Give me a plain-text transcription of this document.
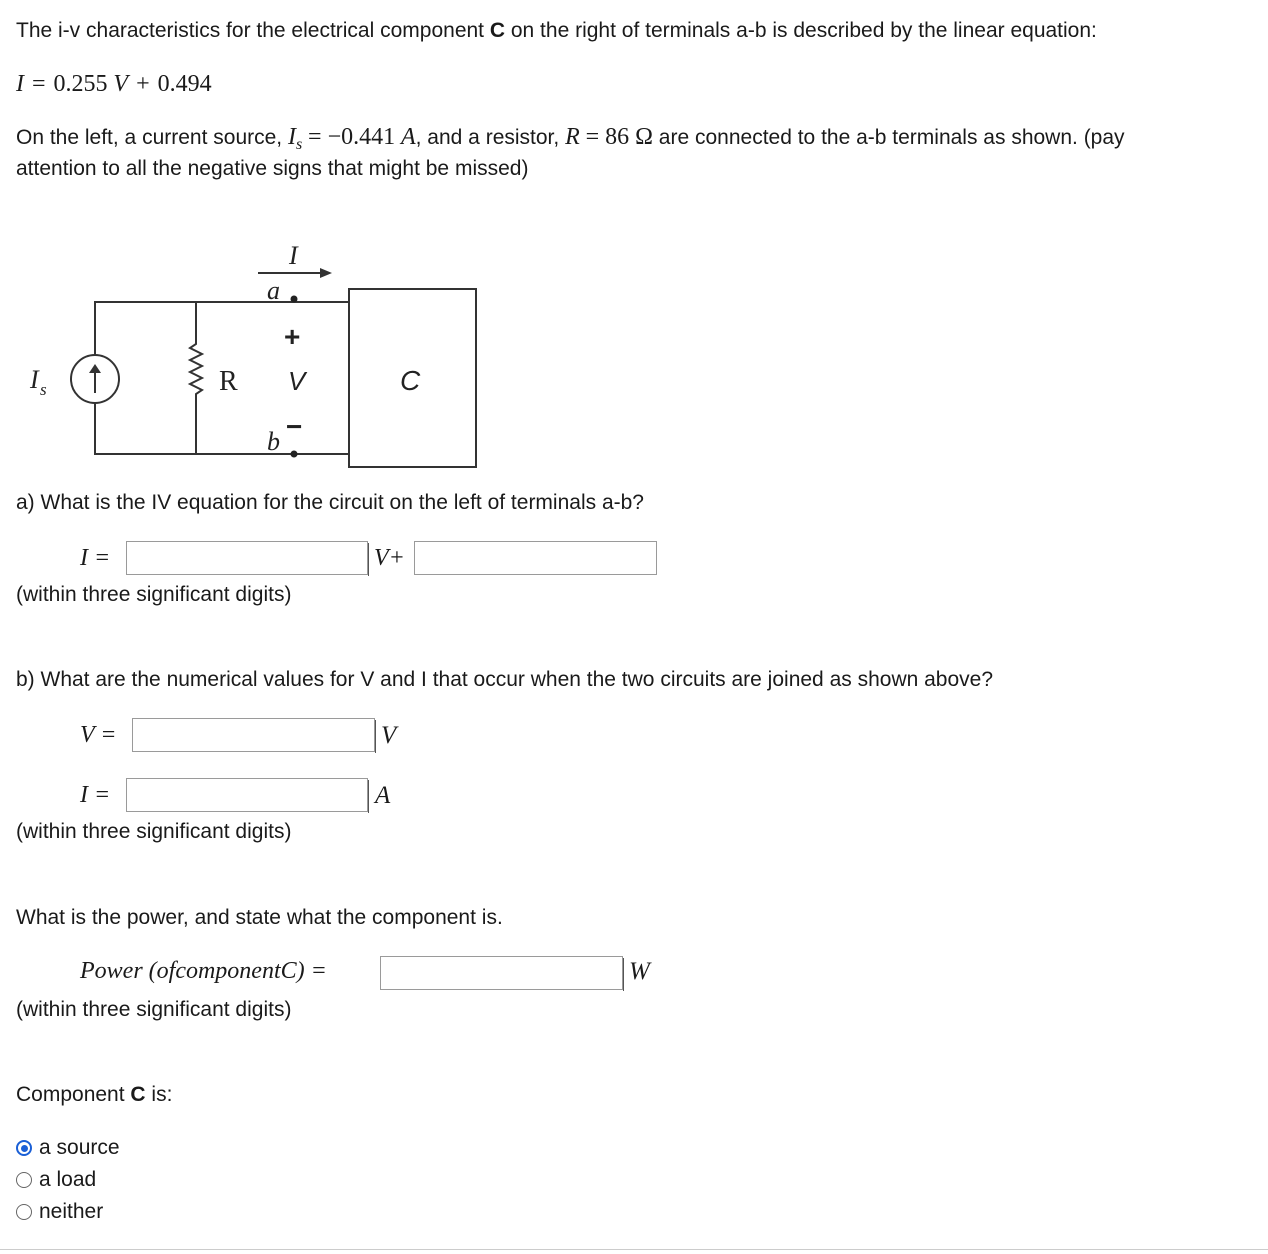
The i-v characteristics for the electrical component C on the right of terminals a-b is described by the linear equation:
I = 0.255 V + 0.494
On the left, a current source, $I_s = -0.441$ A, and a resistor, R = 86 Ω are connected to the a-b terminals as shown. (pay
attention to all the negative signs that might be missed)
I
a
b
+
−
V
I s	R	C
a) What is the IV equation for the circuit on the left of terminals a-b?
I =	V+
(within three significant digits)
b) What are the numerical values for V and I that occur when the two circuits are joined as shown above?
V =	V
I =	A
(within three significant digits)
What is the power, and state what the component is.
Power (ofcomponentC) =	W
(within three significant digits)
Component C is:
a source
a load
neither
